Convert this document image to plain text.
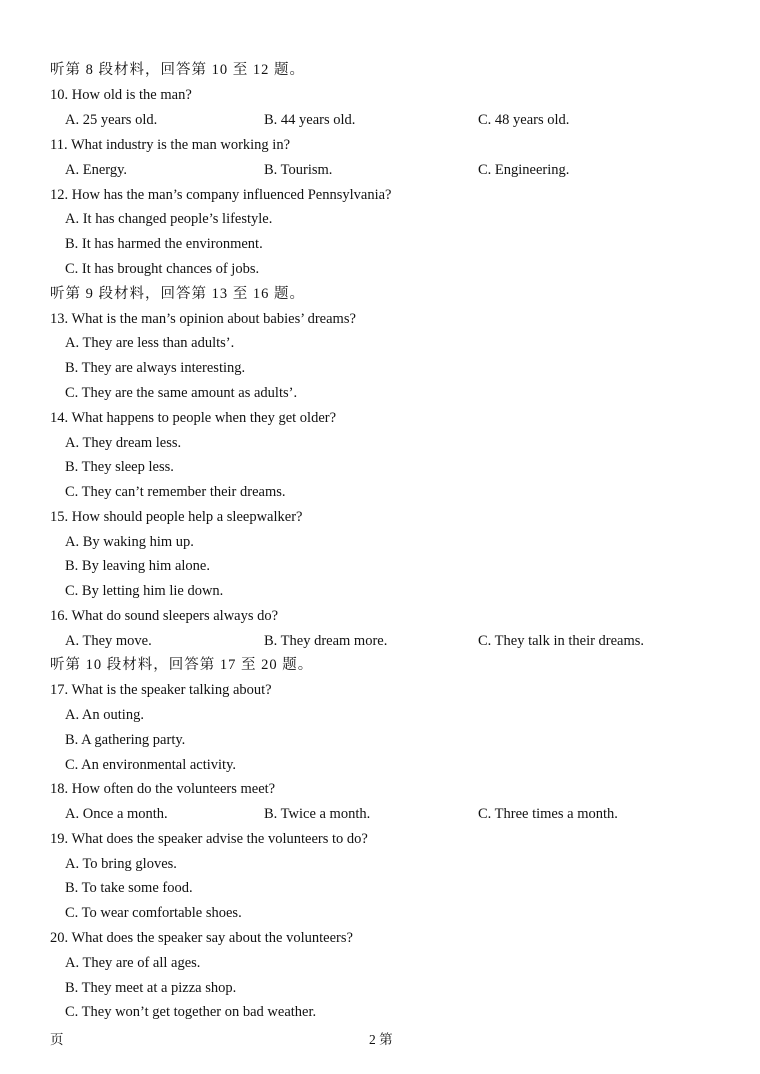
听第 8 段材料，回答第 10 至 12 题。
10. How old is the man?
A. 25 years old.	B. 44 years old.	C. 48 years old.
11. What industry is the man working in?
A. Energy.	B. Tourism.	C. Engineering.
12. How has the man’s company influenced Pennsylvania?
A. It has changed people’s lifestyle.
B. It has harmed the environment.
C. It has brought chances of jobs.
听第 9 段材料，回答第 13 至 16 题。
13. What is the man’s opinion about babies’ dreams?
A. They are less than adults’.
B. They are always interesting.
C. They are the same amount as adults’.
14. What happens to people when they get older?
A. They dream less.
B. They sleep less.
C. They can’t remember their dreams.
15. How should people help a sleepwalker?
A. By waking him up.
B. By leaving him alone.
C. By letting him lie down.
16. What do sound sleepers always do?
A. They move.	B. They dream more.	C. They talk in their dreams.
听第 10 段材料，回答第 17 至 20 题。
17. What is the speaker talking about?
A. An outing.
B. A gathering party.
C. An environmental activity.
18. How often do the volunteers meet?
A. Once a month.	B. Twice a month.	C. Three times a month.
19. What does the speaker advise the volunteers to do?
A. To bring gloves.
B. To take some food.
C. To wear comfortable shoes.
20. What does the speaker say about the volunteers?
A. They are of all ages.
B. They meet at a pizza shop.
C. They won’t get together on bad weather.
页	2 第
